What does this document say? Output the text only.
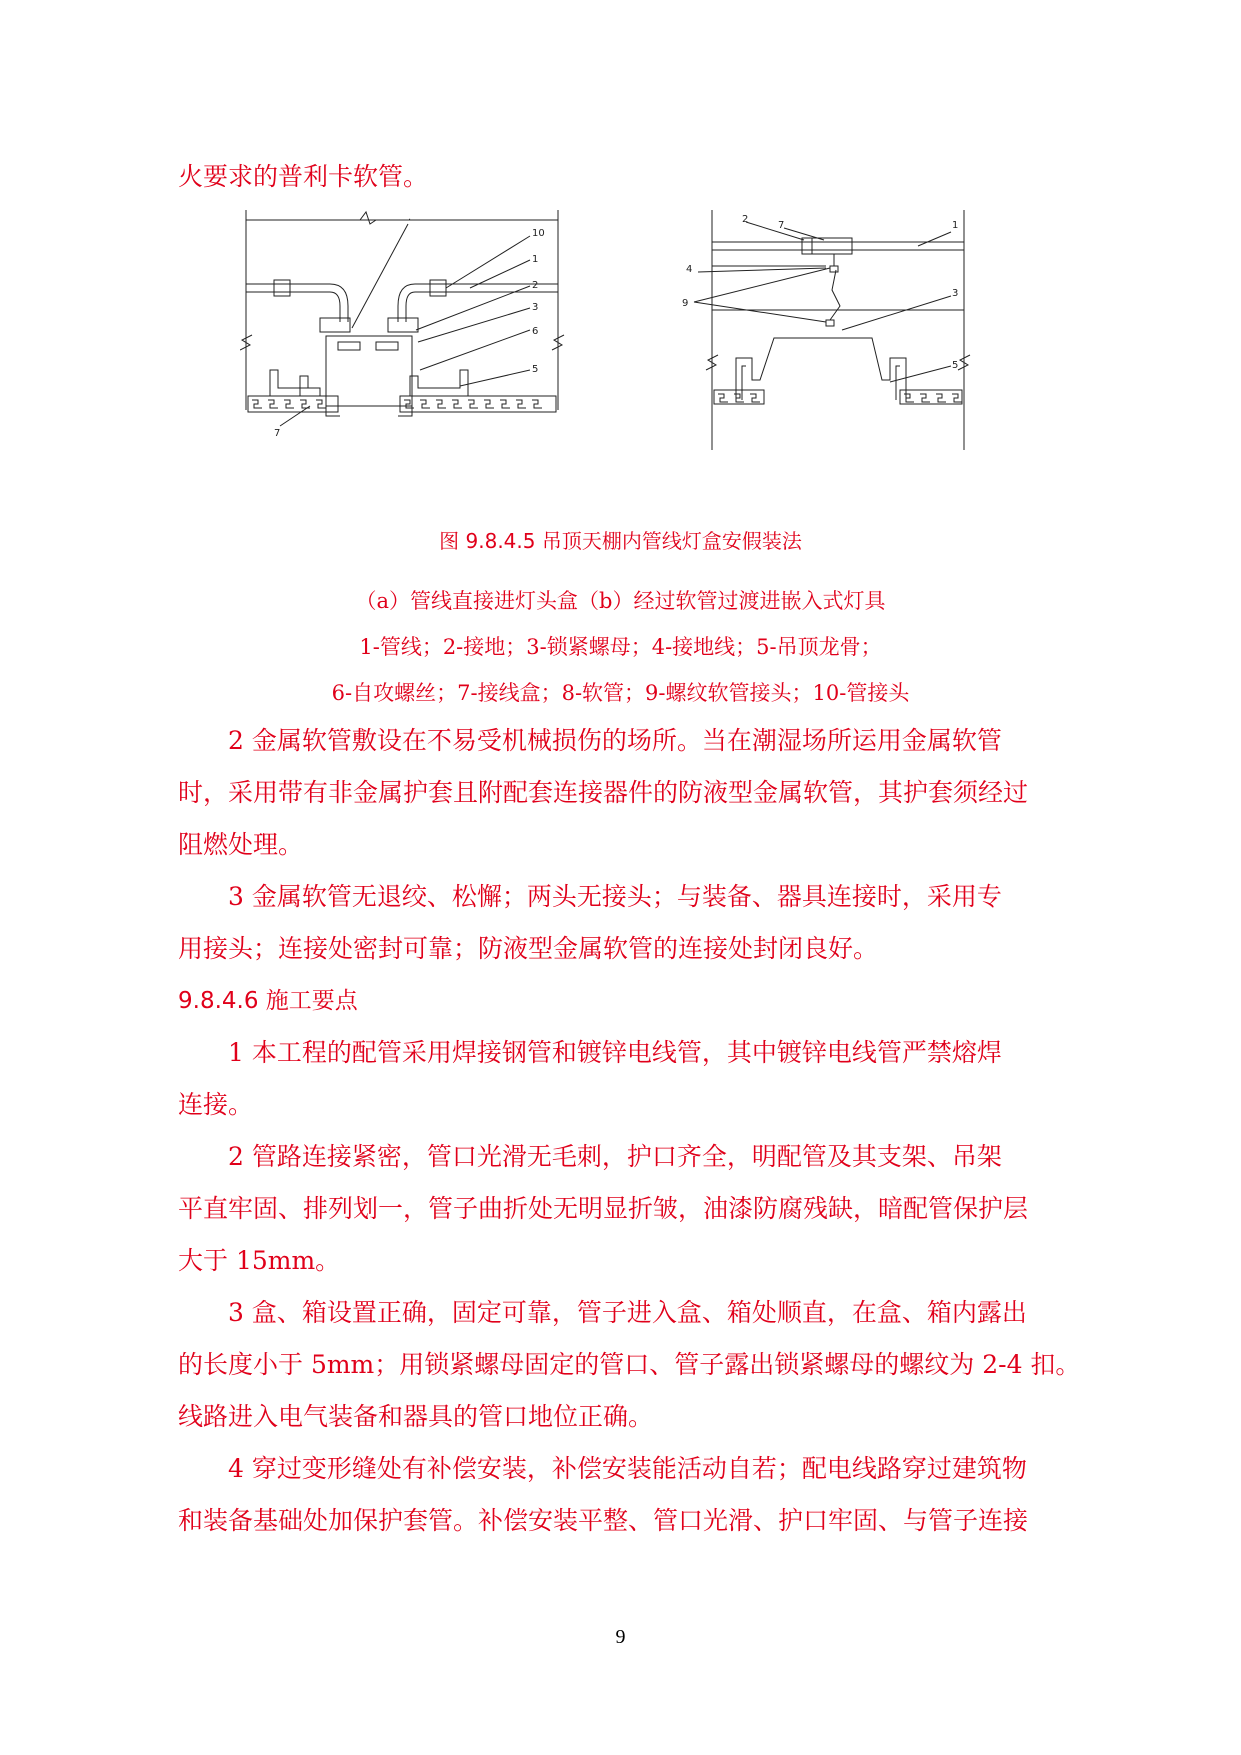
火要求的普利卡软管。
.
10
1
2
3
6
5
7
2
7	1
4
9
3
5
图 9.8.4.5 吊顶天棚内管线灯盒安假装法
（a）管线直接进灯头盒（b）经过软管过渡进嵌入式灯具
1-管线；2-接地；3-锁紧螺母；4-接地线；5-吊顶龙骨；
6-自攻螺丝；7-接线盒；8-软管；9-螺纹软管接头；10-管接头
2 金属软管敷设在不易受机械损伤的场所。当在潮湿场所运用金属软管
时，采用带有非金属护套且附配套连接器件的防液型金属软管，其护套须经过
阻燃处理。
3 金属软管无退绞、松懈；两头无接头；与装备、器具连接时，采用专
用接头；连接处密封可靠；防液型金属软管的连接处封闭良好。
9.8.4.6 施工要点
1 本工程的配管采用焊接钢管和镀锌电线管，其中镀锌电线管严禁熔焊
连接。
2 管路连接紧密，管口光滑无毛刺，护口齐全，明配管及其支架、吊架
平直牢固、排列划一，管子曲折处无明显折皱，油漆防腐残缺，暗配管保护层
大于 15mm。
3 盒、箱设置正确，固定可靠，管子进入盒、箱处顺直，在盒、箱内露出
的长度小于 5mm；用锁紧螺母固定的管口、管子露出锁紧螺母的螺纹为 2-4 扣。
线路进入电气装备和器具的管口地位正确。
4 穿过变形缝处有补偿安装，补偿安装能活动自若；配电线路穿过建筑物
和装备基础处加保护套管。补偿安装平整、管口光滑、护口牢固、与管子连接
9
